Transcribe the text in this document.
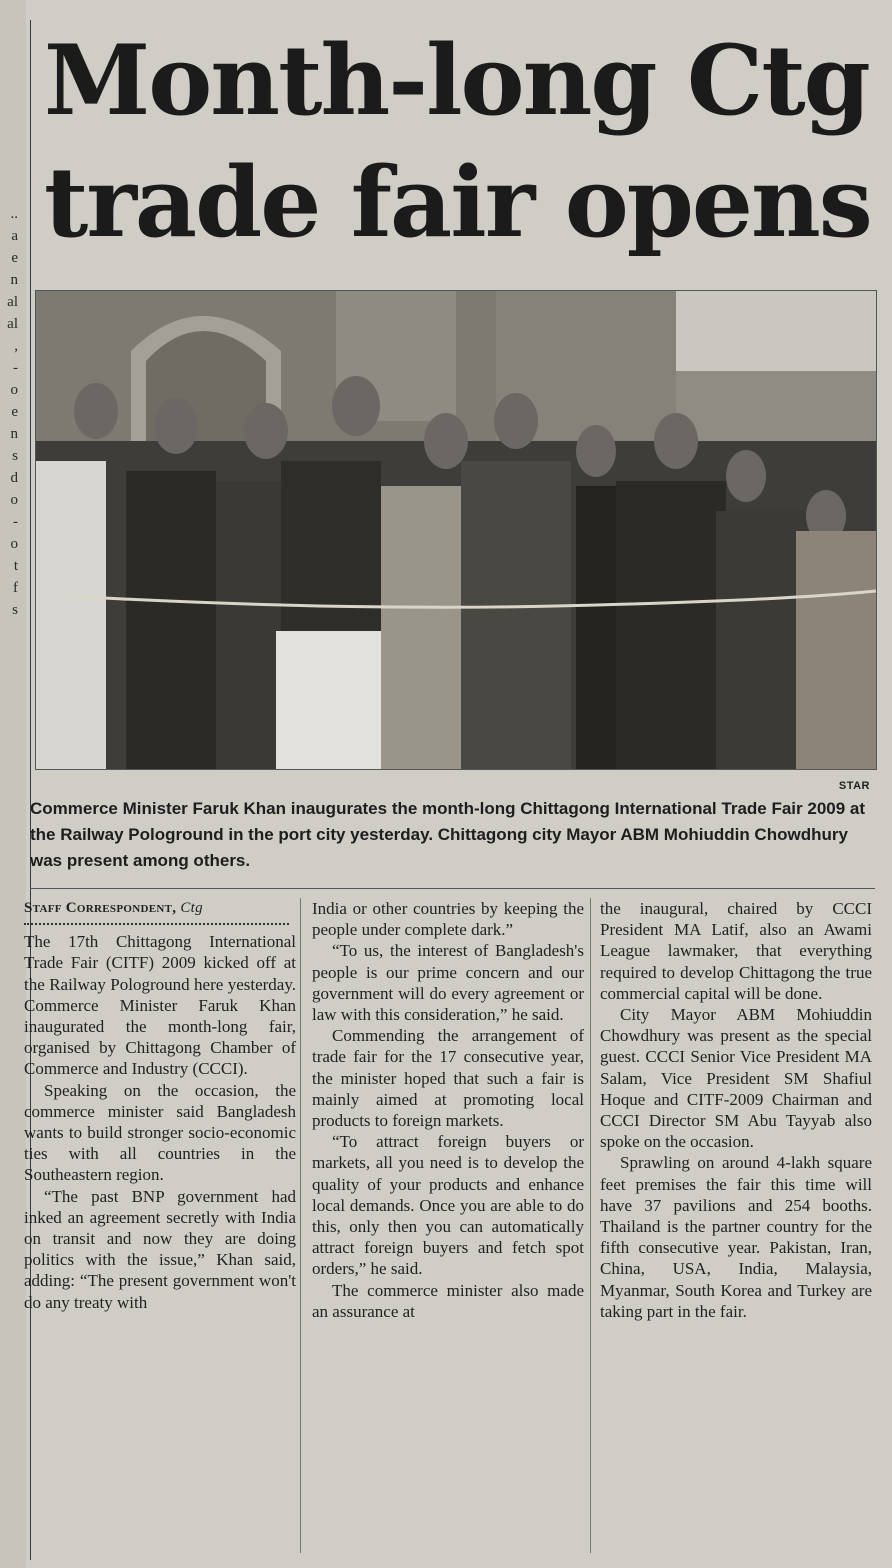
..
a
e
n
al
al
,
-
o
e
n
s
d
o
-
o
t
f
s
Month-long Ctg
trade fair opens
STAR
Commerce Minister Faruk Khan inaugurates the month-long Chittagong International Trade Fair 2009 at the Railway Pologround in the port city yesterday. Chittagong city Mayor ABM Mohiuddin Chowdhury was present among others.
Staff Correspondent, Ctg

The 17th Chittagong International Trade Fair (CITF) 2009 kicked off at the Railway Pologround here yesterday. Commerce Minister Faruk Khan inaugurated the month-long fair, organised by Chittagong Chamber of Commerce and Industry (CCCI).

Speaking on the occasion, the commerce minister said Bangladesh wants to build stronger socio-economic ties with all countries in the Southeastern region.

“The past BNP government had inked an agreement secretly with India on transit and now they are doing politics with the issue,” Khan said, adding: “The present government won't do any treaty with

India or other countries by keeping the people under complete dark.”

“To us, the interest of Bangladesh's people is our prime concern and our government will do every agreement or law with this consideration,” he said.

Commending the arrangement of trade fair for the 17 consecutive year, the minister hoped that such a fair is mainly aimed at promoting local products to foreign markets.

“To attract foreign buyers or markets, all you need is to develop the quality of your products and enhance local demands. Once you are able to do this, only then you can automatically attract foreign buyers and fetch spot orders,” he said.

The commerce minister also made an assurance at

the inaugural, chaired by CCCI President MA Latif, also an Awami League lawmaker, that everything required to develop Chittagong the true commercial capital will be done.

City Mayor ABM Mohiuddin Chowdhury was present as the special guest. CCCI Senior Vice President MA Salam, Vice President SM Shafiul Hoque and CITF-2009 Chairman and CCCI Director SM Abu Tayyab also spoke on the occasion.

Sprawling on around 4-lakh square feet premises the fair this time will have 37 pavilions and 254 booths. Thailand is the partner country for the fifth consecutive year. Pakistan, Iran, China, USA, India, Malaysia, Myanmar, South Korea and Turkey are taking part in the fair.
